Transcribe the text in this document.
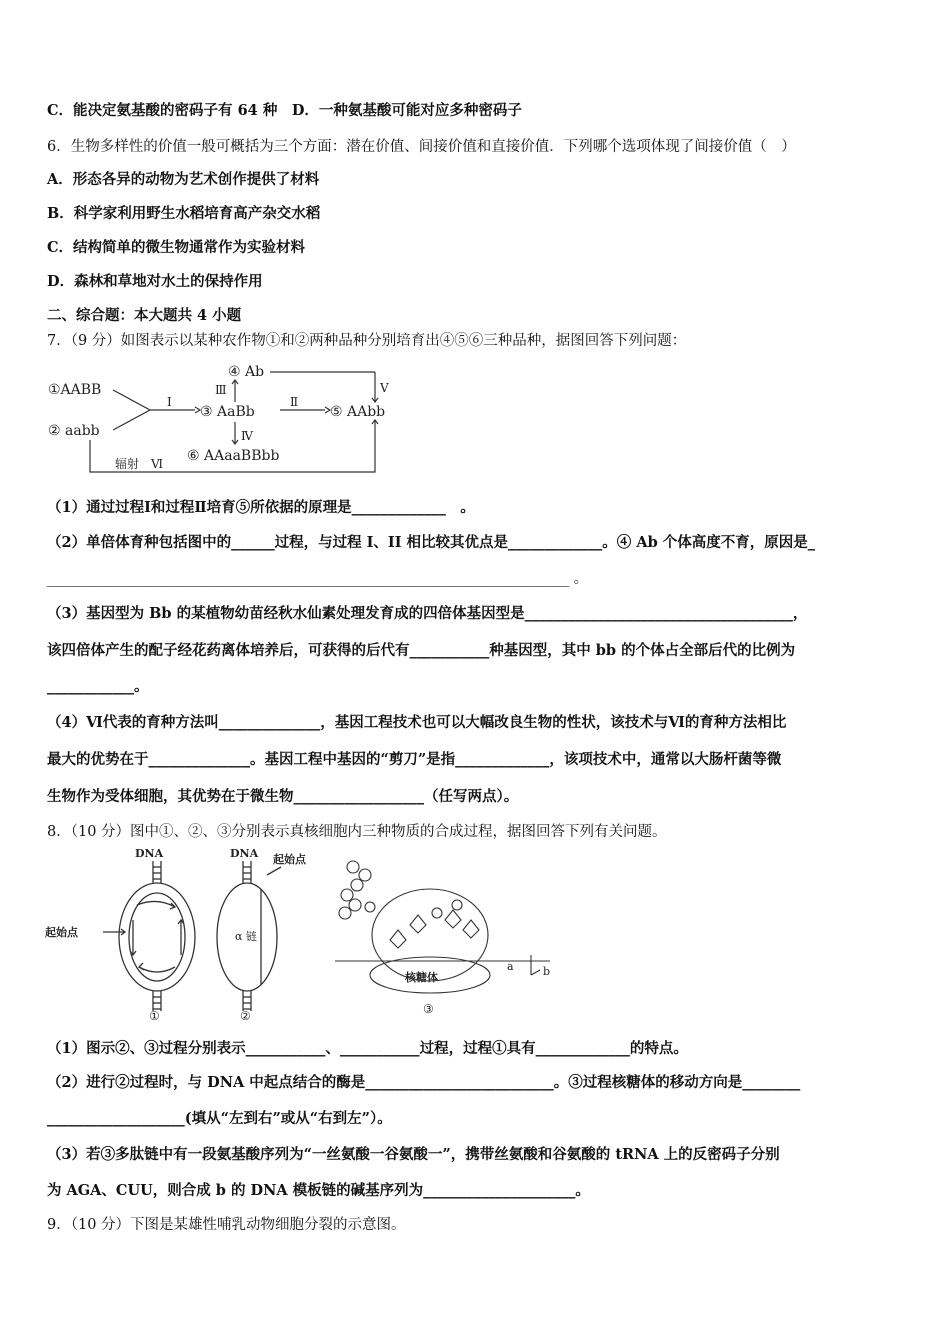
C．能决定氨基酸的密码子有 64 种　D．一种氨基酸可能对应多种密码子
6．生物多样性的价值一般可概括为三个方面：潜在价值、间接价值和直接价值．下列哪个选项体现了间接价值（　）
A．形态各异的动物为艺术创作提供了材料
B．科学家利用野生水稻培育高产杂交水稻
C．结构简单的微生物通常作为实验材料
D．森林和草地对水土的保持作用
二、综合题：本大题共 4 小题
7．（9 分）如图表示以某种农作物①和②两种品种分别培育出④⑤⑥三种品种，据图回答下列问题：
①AABB
② aabb
Ⅰ
Ⅲ
④ Ab
Ⅴ
③ AaBb
Ⅱ
⑤ AAbb
Ⅳ
⑥ AAaaBBbb
辐射　Ⅵ
（1）通过过程Ⅰ和过程Ⅱ培育⑤所依据的原理是_____________　。
（2）单倍体育种包括图中的______过程，与过程 I、II 相比较其优点是_____________。④ Ab 个体高度不育，原因是_
________________________________________________________________________ 。
（3）基因型为 Bb 的某植物幼苗经秋水仙素处理发育成的四倍体基因型是_____________________________________，
该四倍体产生的配子经花药离体培养后，可获得的后代有___________种基因型，其中 bb 的个体占全部后代的比例为
____________。
（4）Ⅵ代表的育种方法叫______________，基因工程技术也可以大幅改良生物的性状，该技术与Ⅵ的育种方法相比
最大的优势在于______________。基因工程中基因的“剪刀”是指_____________，该项技术中，通常以大肠杆菌等微
生物作为受体细胞，其优势在于微生物__________________（任写两点）。
8．（10 分）图中①、②、③分别表示真核细胞内三种物质的合成过程，据图回答下列有关问题。
DNA
起始点
①
DNA 起始点
α 链
②
a	b
核糖体
③
（1）图示②、③过程分别表示___________、___________过程，过程①具有_____________的特点。
（2）进行②过程时，与 DNA 中起点结合的酶是__________________________。③过程核糖体的移动方向是________
___________________(填从“左到右”或从“右到左”）。
（3）若③多肽链中有一段氨基酸序列为“一丝氨酸一谷氨酸一”，携带丝氨酸和谷氨酸的 tRNA 上的反密码子分别
为 AGA、CUU，则合成 b 的 DNA 模板链的碱基序列为_____________________。
9．（10 分）下图是某雄性哺乳动物细胞分裂的示意图。
